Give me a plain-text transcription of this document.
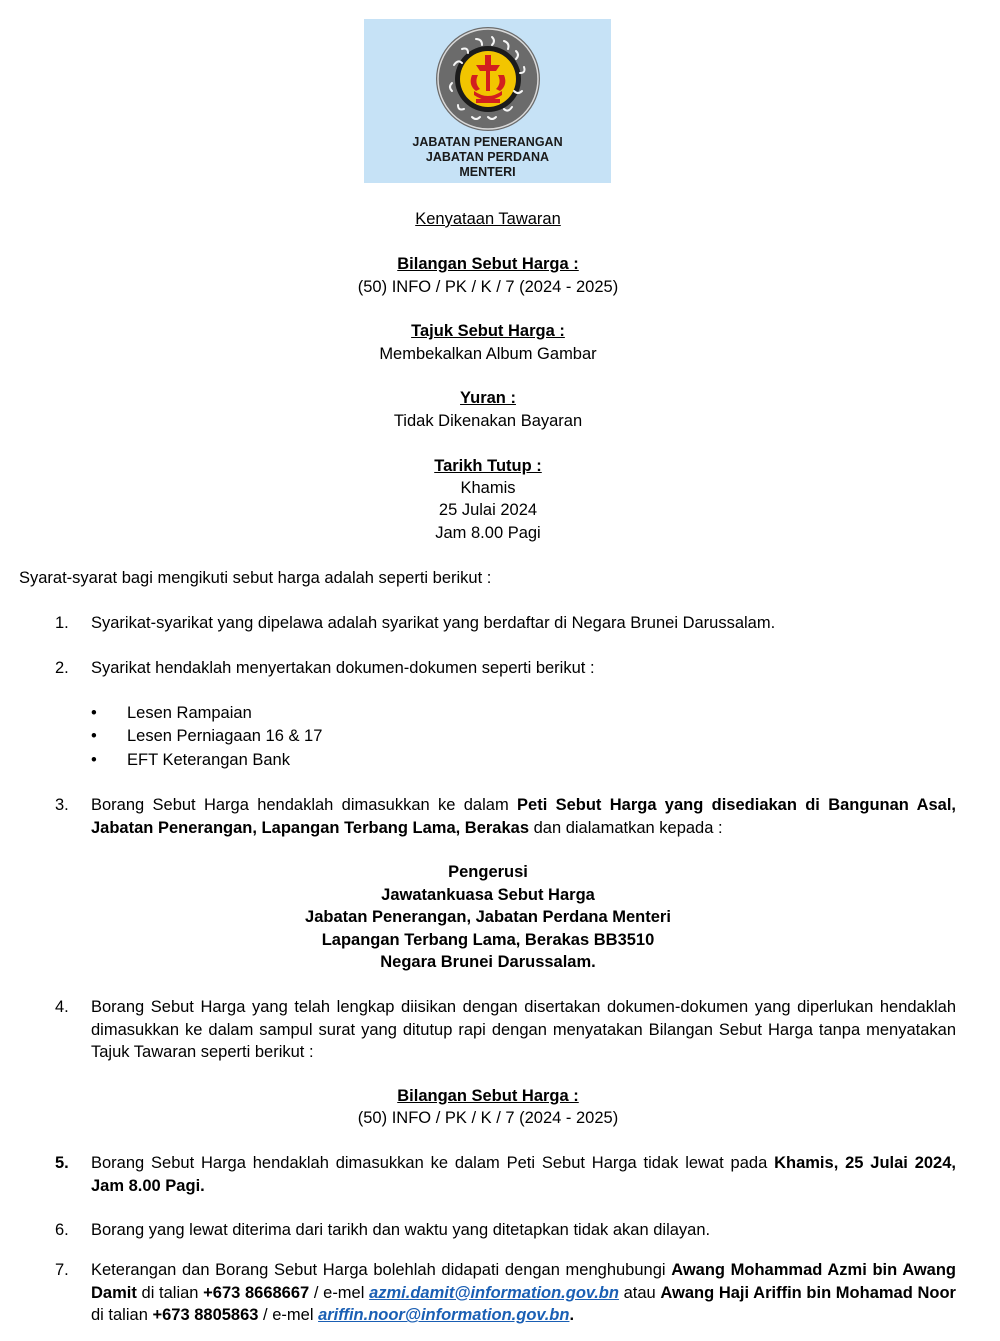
JABATAN PENERANGAN
JABATAN PERDANA
MENTERI
Kenyataan Tawaran
Bilangan Sebut Harga :
(50) INFO / PK / K / 7 (2024 - 2025)
Tajuk Sebut Harga :
Membekalkan Album Gambar
Yuran :
Tidak Dikenakan Bayaran
Tarikh Tutup :
Khamis
25 Julai 2024
Jam 8.00 Pagi
Syarat-syarat bagi mengikuti sebut harga adalah seperti berikut :
1. Syarikat-syarikat yang dipelawa adalah syarikat yang berdaftar di Negara Brunei Darussalam.
2. Syarikat hendaklah menyertakan dokumen-dokumen seperti berikut :
• Lesen Rampaian
• Lesen Perniagaan 16 & 17
• EFT Keterangan Bank
3. Borang Sebut Harga hendaklah dimasukkan ke dalam Peti Sebut Harga yang disediakan di Bangunan Asal, Jabatan Penerangan, Lapangan Terbang Lama, Berakas dan dialamatkan kepada :
Pengerusi
Jawatankuasa Sebut Harga
Jabatan Penerangan, Jabatan Perdana Menteri
Lapangan Terbang Lama, Berakas BB3510
Negara Brunei Darussalam.
4. Borang Sebut Harga yang telah lengkap diisikan dengan disertakan dokumen-dokumen yang diperlukan hendaklah dimasukkan ke dalam sampul surat yang ditutup rapi dengan menyatakan Bilangan Sebut Harga tanpa menyatakan Tajuk Tawaran seperti berikut :
Bilangan Sebut Harga :
(50) INFO / PK / K / 7 (2024 - 2025)
5. Borang Sebut Harga hendaklah dimasukkan ke dalam Peti Sebut Harga tidak lewat pada Khamis, 25 Julai 2024, Jam 8.00 Pagi.
6. Borang yang lewat diterima dari tarikh dan waktu yang ditetapkan tidak akan dilayan.
7. Keterangan dan Borang Sebut Harga bolehlah didapati dengan menghubungi Awang Mohammad Azmi bin Awang Damit di talian +673 8668667 / e-mel azmi.damit@information.gov.bn atau Awang Haji Ariffin bin Mohamad Noor di talian +673 8805863 / e-mel ariffin.noor@information.gov.bn.
